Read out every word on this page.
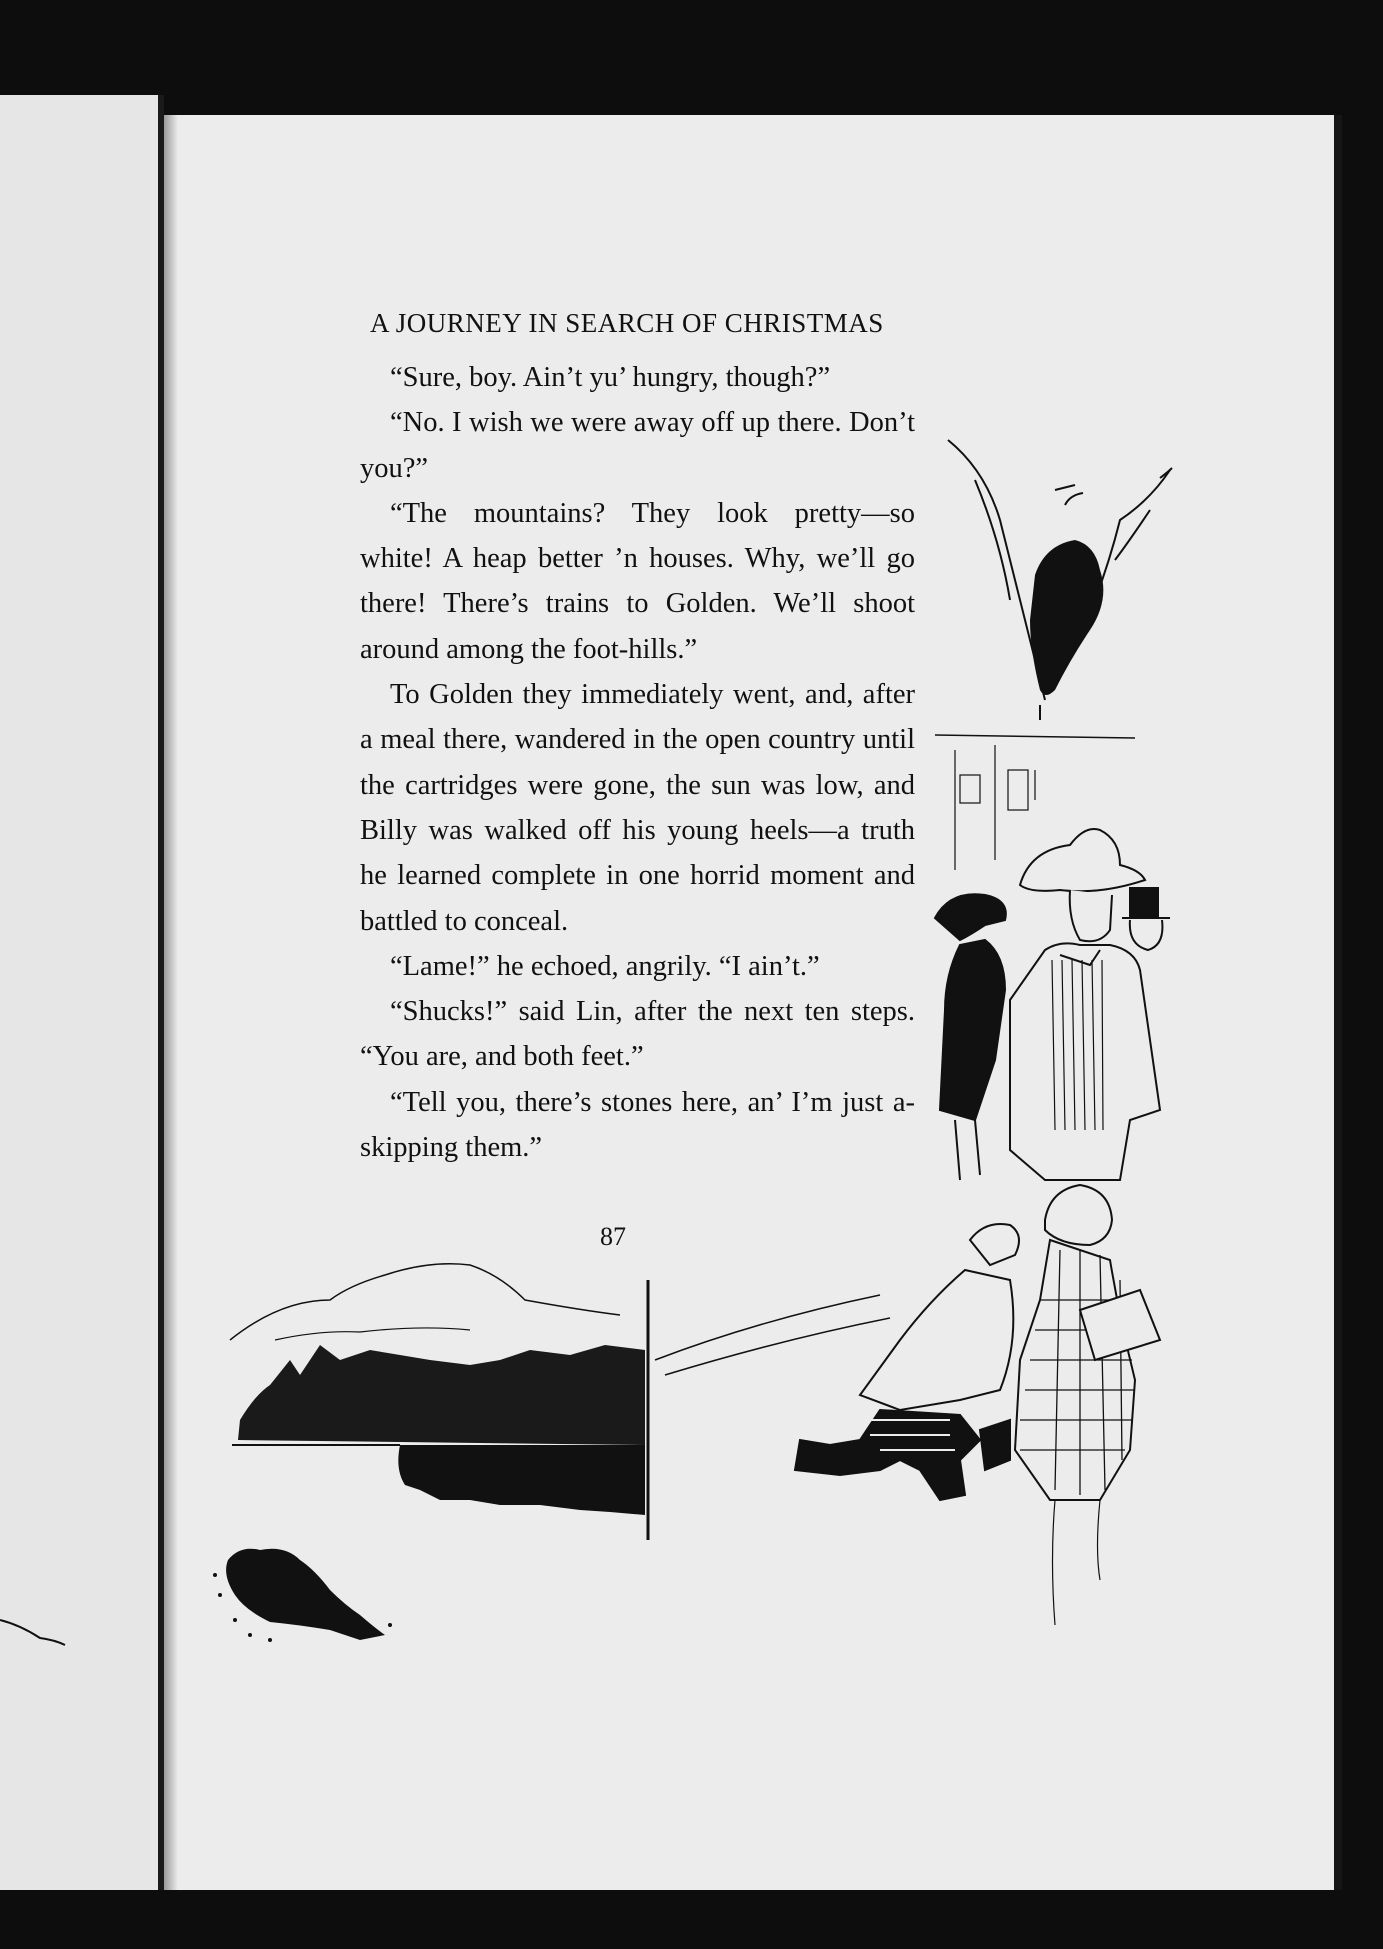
A JOURNEY IN SEARCH OF CHRISTMAS

“Sure, boy. Ain’t yu’ hungry, though?”

“No. I wish we were away off up there. Don’t you?”

“The mountains? They look pretty—so white! A heap better ’n houses. Why, we’ll go there! There’s trains to Golden. We’ll shoot around among the foot-hills.”

To Golden they immediately went, and, after a meal there, wandered in the open country until the cartridges were gone, the sun was low, and Billy was walked off his young heels—a truth he learned complete in one horrid moment and battled to conceal.

“Lame!” he echoed, angrily. “I ain’t.”

“Shucks!” said Lin, after the next ten steps. “You are, and both feet.”

“Tell you, there’s stones here, an’ I’m just a-skipping them.”

87
